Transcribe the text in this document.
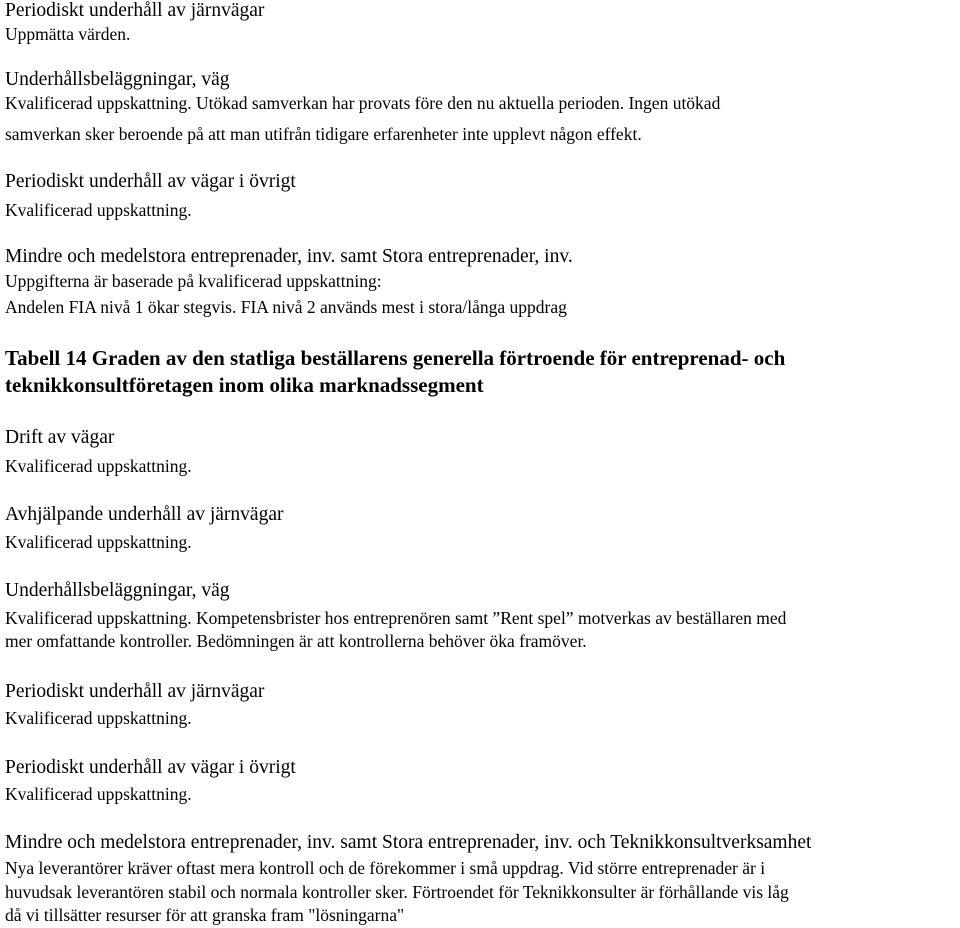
Periodiskt underhåll av järnvägar
Uppmätta värden.
Underhållsbeläggningar, väg
Kvalificerad uppskattning. Utökad samverkan har provats före den nu aktuella perioden. Ingen utökad
samverkan sker beroende på att man utifrån tidigare erfarenheter inte upplevt någon effekt.
Periodiskt underhåll av vägar i övrigt
Kvalificerad uppskattning.
Mindre och medelstora entreprenader, inv. samt Stora entreprenader, inv.
Uppgifterna är baserade på kvalificerad uppskattning:
Andelen FIA nivå 1 ökar stegvis. FIA nivå 2 används mest i stora/långa uppdrag
Tabell 14 Graden av den statliga beställarens generella förtroende för entreprenad- och
teknikkonsultföretagen inom olika marknadssegment
Drift av vägar
Kvalificerad uppskattning.
Avhjälpande underhåll av järnvägar
Kvalificerad uppskattning.
Underhållsbeläggningar, väg
Kvalificerad uppskattning. Kompetensbrister hos entreprenören samt ”Rent spel” motverkas av beställaren med
mer omfattande kontroller. Bedömningen är att kontrollerna behöver öka framöver.
Periodiskt underhåll av järnvägar
Kvalificerad uppskattning.
Periodiskt underhåll av vägar i övrigt
Kvalificerad uppskattning.
Mindre och medelstora entreprenader, inv. samt Stora entreprenader, inv. och Teknikkonsultverksamhet
Nya leverantörer kräver oftast mera kontroll och de förekommer i små uppdrag. Vid större entreprenader är i
huvudsak leverantören stabil och normala kontroller sker. Förtroendet för Teknikkonsulter är förhållande vis låg
då vi tillsätter resurser för att granska fram "lösningarna"
